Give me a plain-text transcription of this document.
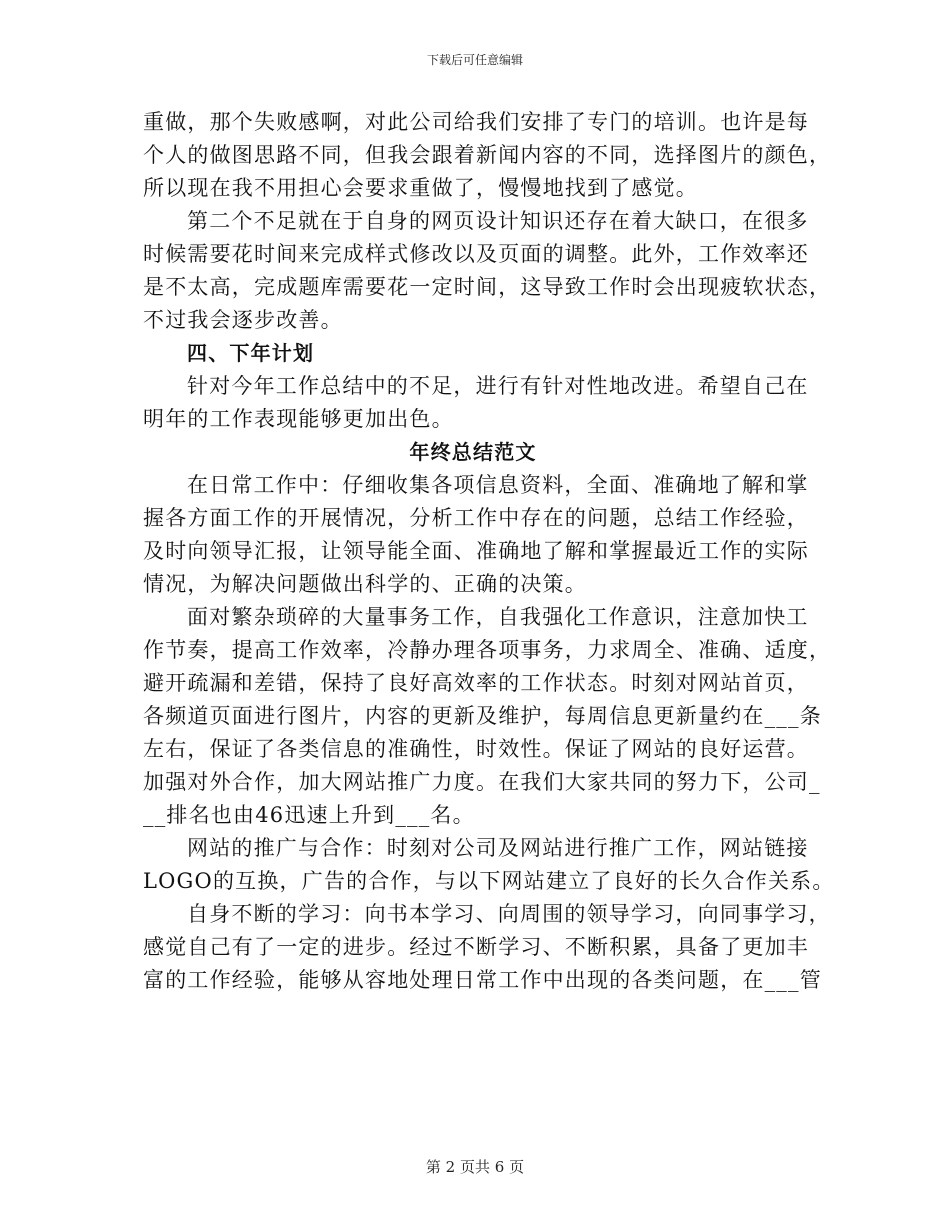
下载后可任意编辑
重做，那个失败感啊，对此公司给我们安排了专门的培训。也许是每
个人的做图思路不同，但我会跟着新闻内容的不同，选择图片的颜色，
所以现在我不用担心会要求重做了，慢慢地找到了感觉。
第二个不足就在于自身的网页设计知识还存在着大缺口，在很多
时候需要花时间来完成样式修改以及页面的调整。此外，工作效率还
是不太高，完成题库需要花一定时间，这导致工作时会出现疲软状态，
不过我会逐步改善。
四、下年计划
针对今年工作总结中的不足，进行有针对性地改进。希望自己在
明年的工作表现能够更加出色。
年终总结范文
在日常工作中：仔细收集各项信息资料，全面、准确地了解和掌
握各方面工作的开展情况，分析工作中存在的问题，总结工作经验，
及时向领导汇报，让领导能全面、准确地了解和掌握最近工作的实际
情况，为解决问题做出科学的、正确的决策。
面对繁杂琐碎的大量事务工作，自我强化工作意识，注意加快工
作节奏，提高工作效率，冷静办理各项事务，力求周全、准确、适度，
避开疏漏和差错，保持了良好高效率的工作状态。时刻对网站首页，
各频道页面进行图片，内容的更新及维护，每周信息更新量约在___条
左右，保证了各类信息的准确性，时效性。保证了网站的良好运营。
加强对外合作，加大网站推广力度。在我们大家共同的努力下，公司_
__排名也由46迅速上升到___名。
网站的推广与合作：时刻对公司及网站进行推广工作，网站链接
LOGO的互换，广告的合作，与以下网站建立了良好的长久合作关系。
自身不断的学习：向书本学习、向周围的领导学习，向同事学习，
感觉自己有了一定的进步。经过不断学习、不断积累，具备了更加丰
富的工作经验，能够从容地处理日常工作中出现的各类问题，在___管
第 2 页共 6 页
